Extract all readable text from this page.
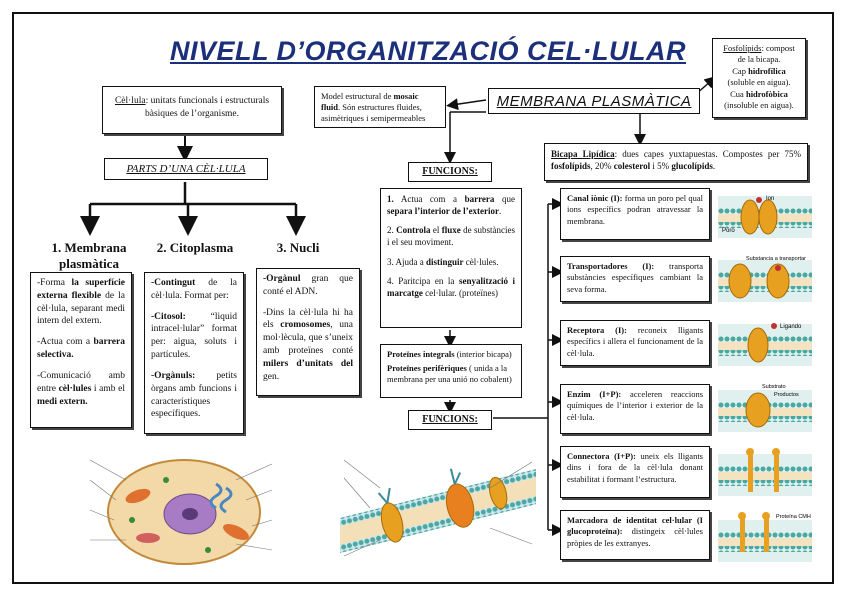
NIVELL D’ORGANITZACIÓ CEL·LULAR
Cèl·lula: unitats funcionals i estructurals bàsiques de l’organisme.
PARTS D’UNA CÈL·LULA
1. Membrana plasmàtica
2. Citoplasma	3. Nucli

-Forma la superfície externa flexible de la cèl·lula, separant medi intern del extern.

-Actua com a barrera selectiva.

-Comunicació amb entre cèl·lules i amb el medi extern.

-Contingut de la cèl·lula. Format per:

-Citosol: “liquid intracel·lular” format per: aigua, soluts i partícules.

-Orgànuls: petits òrgans amb funcions i característiques específiques.

-Orgànul gran que conté el ADN.

-Dins la cèl·lula hi ha els cromosomes, una mol·lècula, que s’uneix amb proteïnes conté milers d’unitats del gen.

Model estructural de mosaic fluid. Són estructures fluides, asimètriques i semipermeables
MEMBRANA PLASMÀTICA
Fosfolípids: compost de la bicapa.
Cap hidrofílica (soluble en aigua).
Cua hidrofòbica (insoluble en aigua).
Bicapa Lipídica: dues capes yuxtapuestas. Compostes per 75% fosfolípids, 20% colesterol i 5% glucolípids.
FUNCIONS:

1. Actua com a barrera que separa l’interior de l’exterior.

2. Controla el fluxe de substàncies i el seu moviment.

3. Ajuda a distinguir cèl·lules.

4. Paritcipa en la senyalització i marcatge cel·lular. (proteïnes)

Proteïnes integrals (interior bicapa)
Proteïnes perifèriques ( unida a la membrana per una unió no cobalent)
FUNCIONS:
Canal iònic (I): forma un poro pel qual ions específics podran atravessar la membrana.
Transportadores (I): transporta substàncies específiques cambiant la seva forma.
Receptora (I): reconeix lligants específics i allera el funcionament de la cèl·lula.
Enzim (I+P): acceleren reaccions químiques de l’interior i exterior de la cèl·lula.
Connectora (I+P): uneix els lligants dins i fora de la cèl·lula donant estabilitat i formant l’estructura.
Marcadora de identitat cel·lular (I glucoproteïna): distingeix cèl·lules pròpies de les extranyes.
Ion
Poro
Substancia a transportar
Ligando
Substrato
Productos
Proteína CMH
